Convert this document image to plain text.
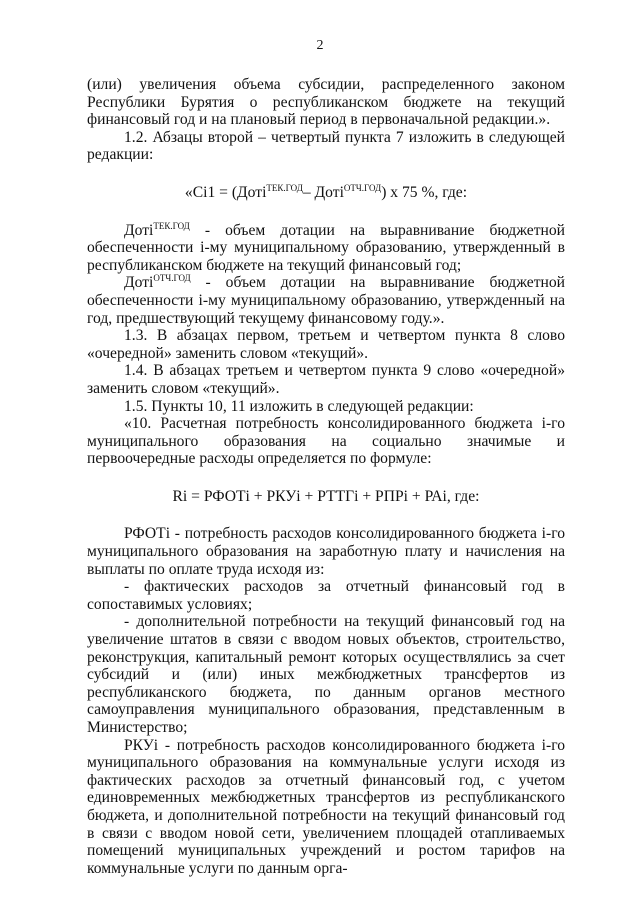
2

(или) увеличения объема субсидии, распределенного законом Республики Бурятия о республиканском бюджете на текущий финансовый год и на плановый период в первоначальной редакции.».

1.2. Абзацы второй – четвертый пункта 7 изложить в следующей редакции:

«Ci1 = (Доті$^{ТЕК.ГОД}$– Доті$^{ОТЧ.ГОД}$) x 75 %, где:

Доті$^{ТЕК.ГОД}$ - объем дотации на выравнивание бюджетной обеспеченности i-му муниципальному образованию, утвержденный в республиканском бюджете на текущий финансовый год;

Доті$^{ОТЧ.ГОД}$ - объем дотации на выравнивание бюджетной обеспеченности i-му муниципальному образованию, утвержденный на год, предшествующий текущему финансовому году.».

1.3. В абзацах первом, третьем и четвертом пункта 8 слово «очередной» заменить словом «текущий».

1.4. В абзацах третьем и четвертом пункта 9 слово «очередной» заменить словом «текущий».

1.5. Пункты 10, 11 изложить в следующей редакции:

«10. Расчетная потребность консолидированного бюджета i-го муниципального образования на социально значимые и первоочередные расходы определяется по формуле:

Ri = РФОТі + РКУі + РТТГі + РПРі + РАі, где:

РФОТі - потребность расходов консолидированного бюджета i-го муниципального образования на заработную плату и начисления на выплаты по оплате труда исходя из:

- фактических расходов за отчетный финансовый год в сопоставимых условиях;

- дополнительной потребности на текущий финансовый год на увеличение штатов в связи с вводом новых объектов, строительство, реконструкция, капитальный ремонт которых осуществлялись за счет субсидий и (или) иных межбюджетных трансфертов из республиканского бюджета, по данным органов местного самоуправления муниципального образования, представленным в Министерство;

РКУі - потребность расходов консолидированного бюджета i-го муниципального образования на коммунальные услуги исходя из фактических расходов за отчетный финансовый год, с учетом единовременных межбюджетных трансфертов из республиканского бюджета, и дополнительной потребности на текущий финансовый год в связи с вводом новой сети, увеличением площадей отапливаемых помещений муниципальных учреждений и ростом тарифов на коммунальные услуги по данным орга-
